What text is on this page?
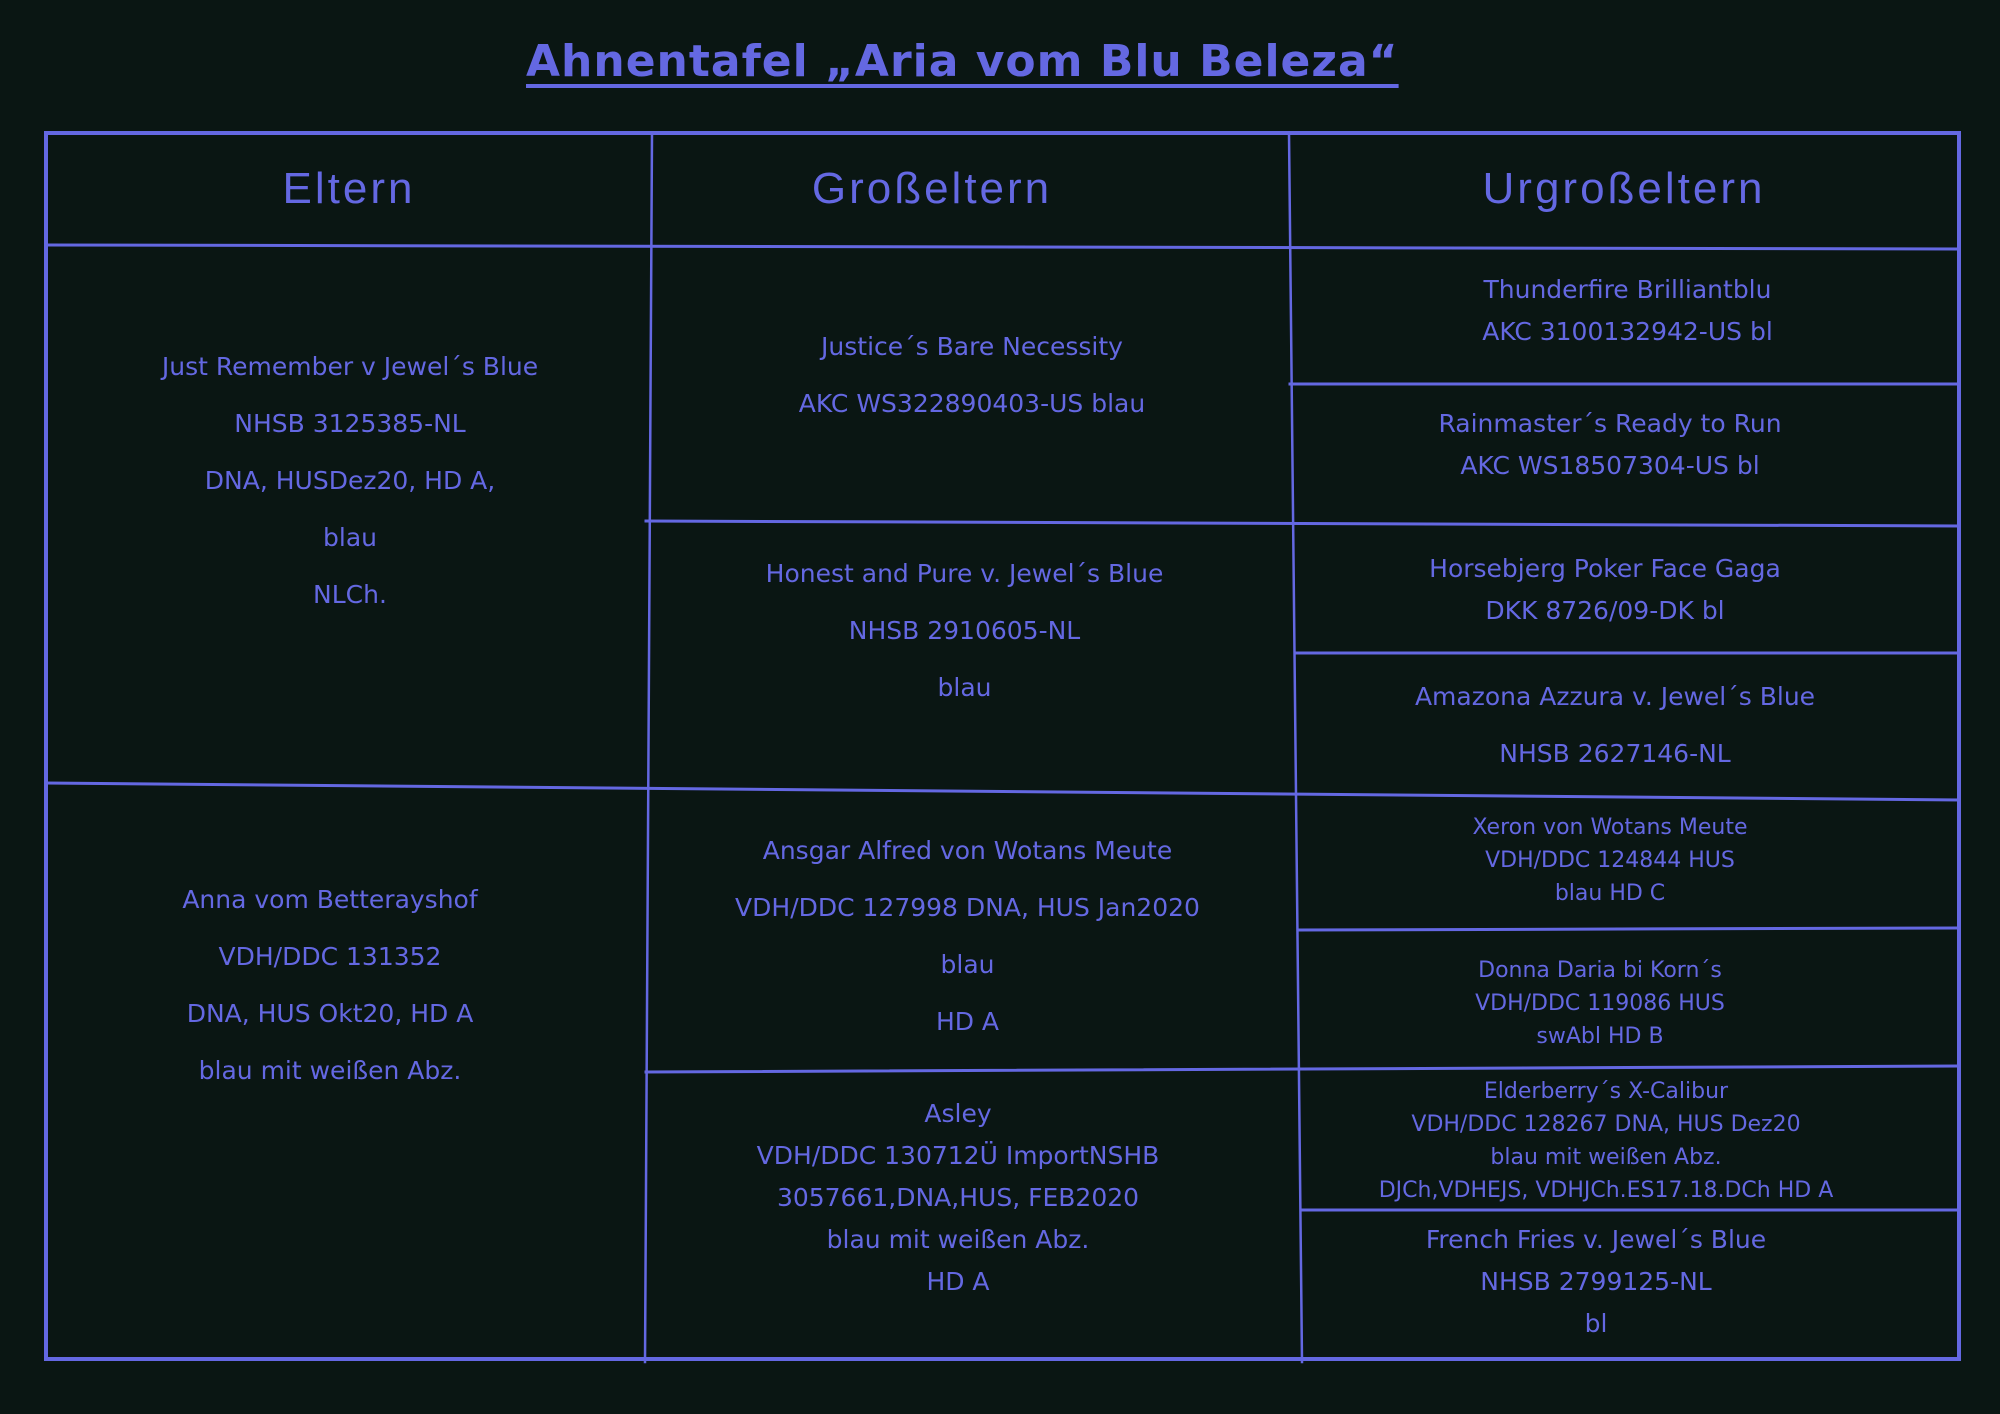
Ahnentafel „Aria vom Blu Beleza“
Eltern	Großeltern	Urgroßeltern
Just Remember v Jewel´s Blue
NHSB 3125385-NL
DNA, HUSDez20, HD A,
blau
NLCh.
Anna vom Betterayshof
VDH/DDC 131352
DNA, HUS Okt20, HD A
blau mit weißen Abz.
Justice´s Bare Necessity
AKC WS322890403-US blau
Honest and Pure v. Jewel´s Blue
NHSB 2910605-NL
blau
Ansgar Alfred von Wotans Meute
VDH/DDC 127998 DNA, HUS Jan2020
blau
HD A
Asley
VDH/DDC 130712Ü ImportNSHB
3057661,DNA,HUS, FEB2020
blau mit weißen Abz.
HD A
Thunderfire Brilliantblu
AKC 3100132942-US bl
Rainmaster´s Ready to Run
AKC WS18507304-US bl
Horsebjerg Poker Face Gaga
DKK 8726/09-DK bl
Amazona Azzura v. Jewel´s Blue
NHSB 2627146-NL
Xeron von Wotans Meute
VDH/DDC 124844 HUS
blau HD C
Donna Daria bi Korn´s
VDH/DDC 119086 HUS
swAbl HD B
Elderberry´s X-Calibur
VDH/DDC 128267 DNA, HUS Dez20
blau mit weißen Abz.
DJCh,VDHEJS, VDHJCh.ES17.18.DCh HD A
French Fries v. Jewel´s Blue
NHSB 2799125-NL
bl
